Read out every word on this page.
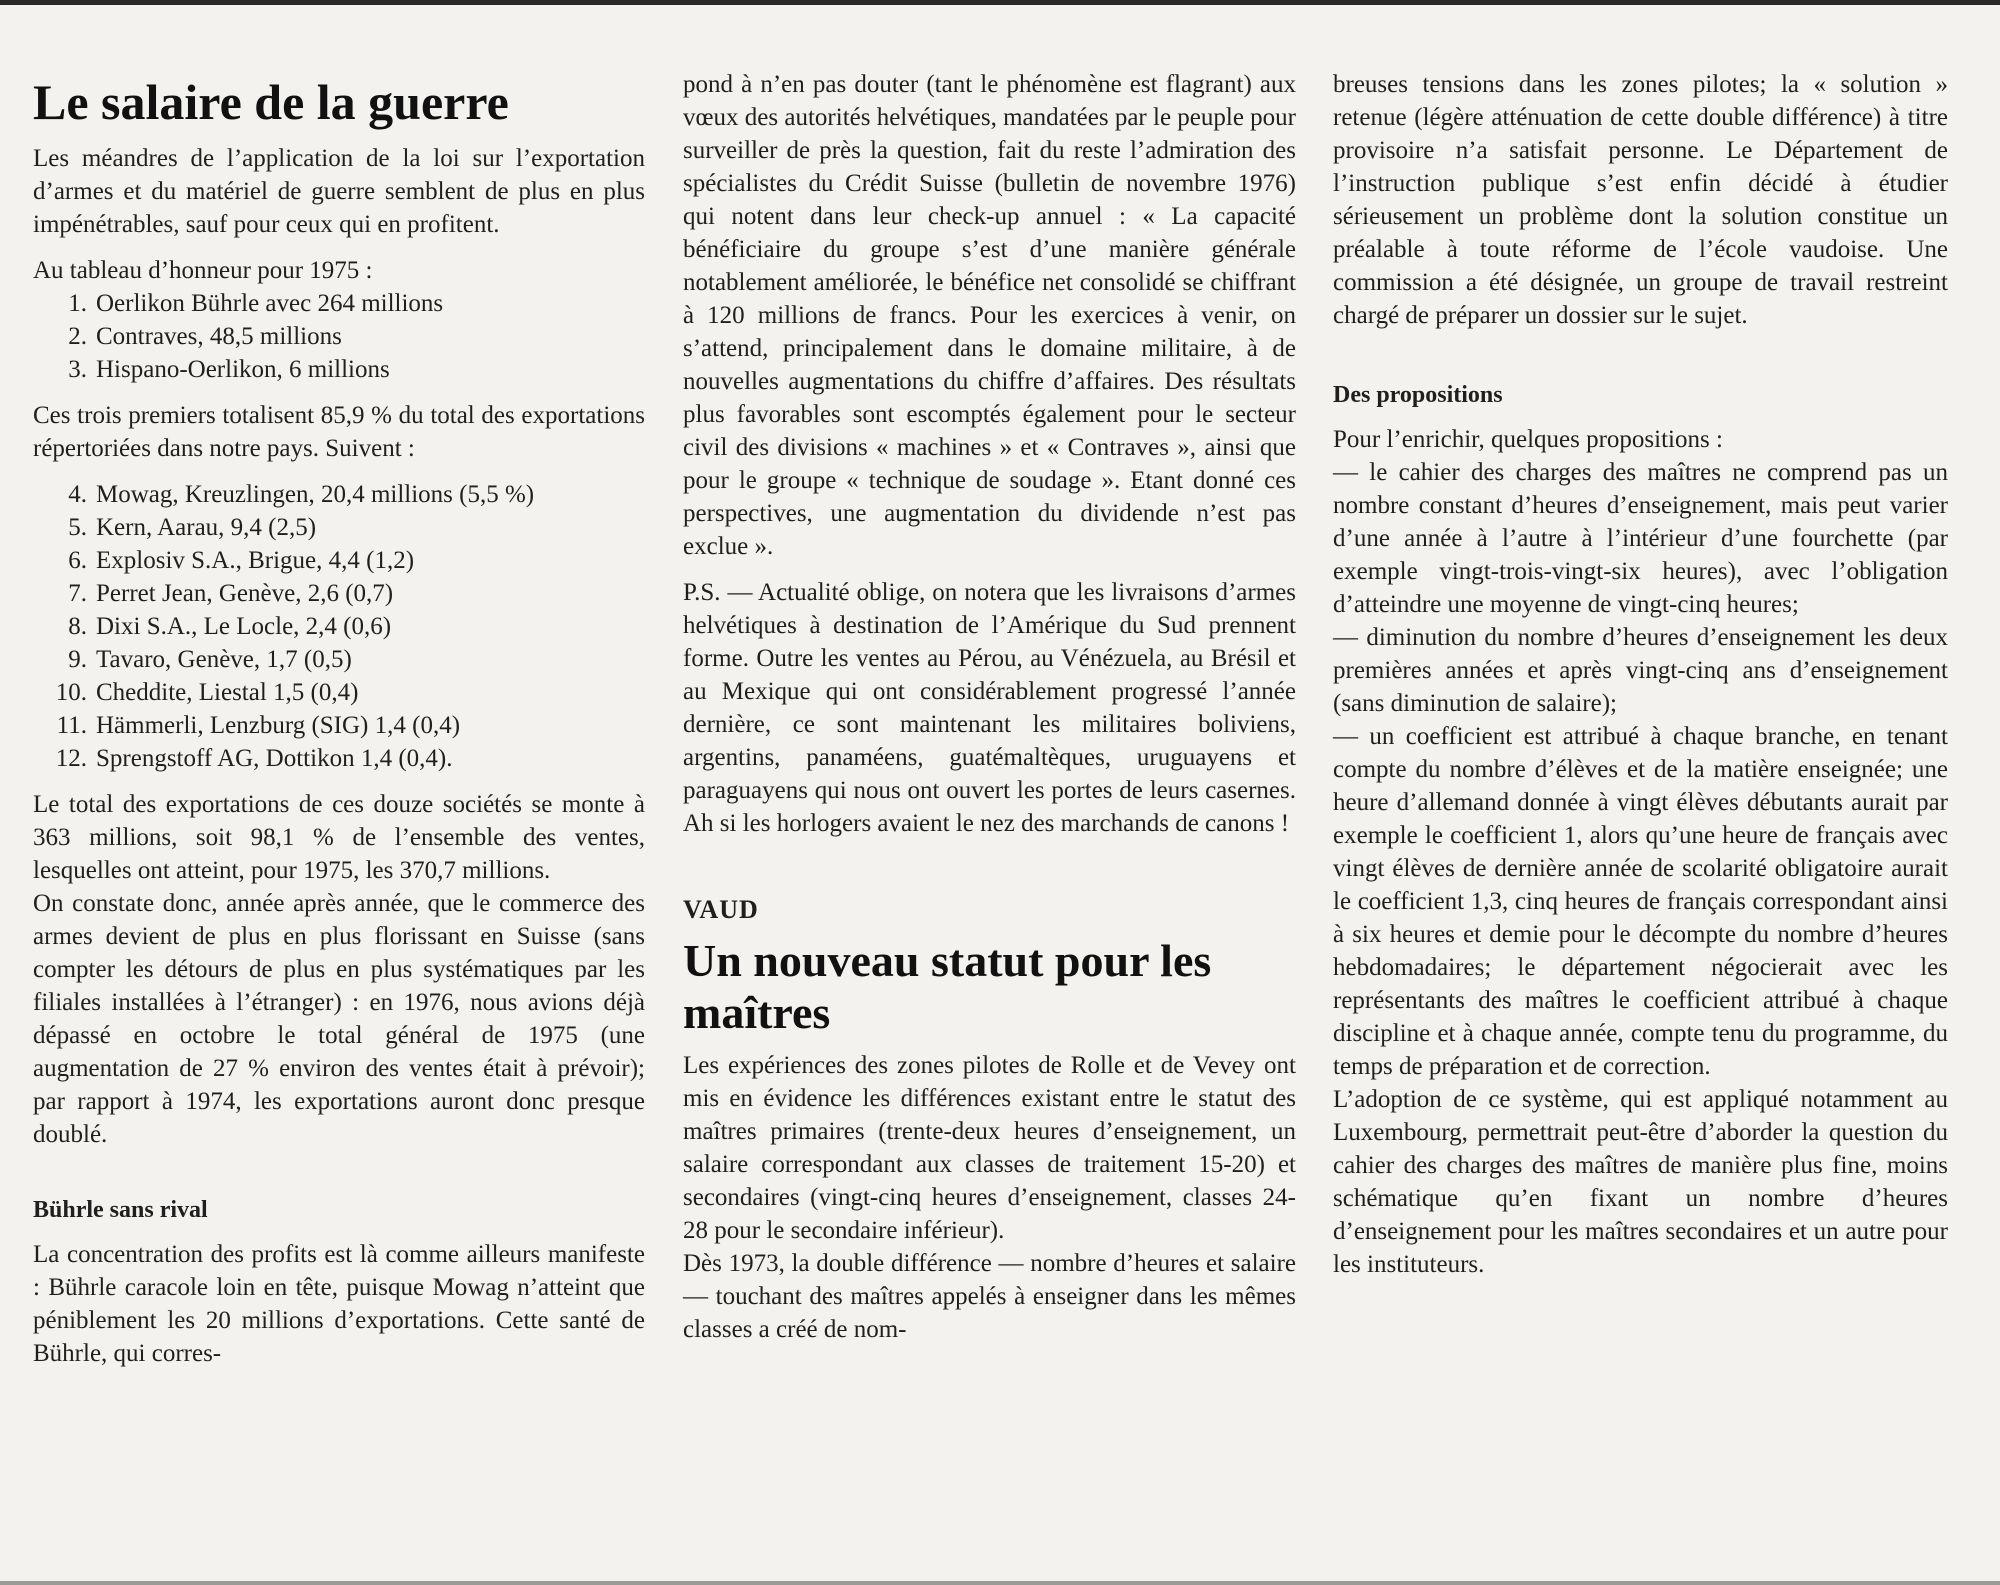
Le salaire de la guerre

Les méandres de l’application de la loi sur l’exportation d’armes et du matériel de guerre semblent de plus en plus impénétrables, sauf pour ceux qui en profitent.

Au tableau d’honneur pour 1975 :

1. Oerlikon Bührle avec 264 millions
2. Contraves, 48,5 millions
3. Hispano-Oerlikon, 6 millions

Ces trois premiers totalisent 85,9 % du total des exportations répertoriées dans notre pays. Suivent :

4. Mowag, Kreuzlingen, 20,4 millions (5,5 %)
5. Kern, Aarau, 9,4 (2,5)
6. Explosiv S.A., Brigue, 4,4 (1,2)
7. Perret Jean, Genève, 2,6 (0,7)
8. Dixi S.A., Le Locle, 2,4 (0,6)
9. Tavaro, Genève, 1,7 (0,5)
10. Cheddite, Liestal 1,5 (0,4)
11. Hämmerli, Lenzburg (SIG) 1,4 (0,4)
12. Sprengstoff AG, Dottikon 1,4 (0,4).

Le total des exportations de ces douze sociétés se monte à 363 millions, soit 98,1 % de l’ensemble des ventes, lesquelles ont atteint, pour 1975, les 370,7 millions.

On constate donc, année après année, que le commerce des armes devient de plus en plus florissant en Suisse (sans compter les détours de plus en plus systématiques par les filiales installées à l’étranger) : en 1976, nous avions déjà dépassé en octobre le total général de 1975 (une augmentation de 27 % environ des ventes était à prévoir); par rapport à 1974, les exportations auront donc presque doublé.

Bührle sans rival

La concentration des profits est là comme ailleurs manifeste : Bührle caracole loin en tête, puisque Mowag n’atteint que péniblement les 20 millions d’exportations. Cette santé de Bührle, qui corres-

pond à n’en pas douter (tant le phénomène est flagrant) aux vœux des autorités helvétiques, mandatées par le peuple pour surveiller de près la question, fait du reste l’admiration des spécialistes du Crédit Suisse (bulletin de novembre 1976) qui notent dans leur check-up annuel : « La capacité bénéficiaire du groupe s’est d’une manière générale notablement améliorée, le bénéfice net consolidé se chiffrant à 120 millions de francs. Pour les exercices à venir, on s’attend, principalement dans le domaine militaire, à de nouvelles augmentations du chiffre d’affaires. Des résultats plus favorables sont escomptés également pour le secteur civil des divisions « machines » et « Contraves », ainsi que pour le groupe « technique de soudage ». Etant donné ces perspectives, une augmentation du dividende n’est pas exclue ».

P.S. — Actualité oblige, on notera que les livraisons d’armes helvétiques à destination de l’Amérique du Sud prennent forme. Outre les ventes au Pérou, au Vénézuela, au Brésil et au Mexique qui ont considérablement progressé l’année dernière, ce sont maintenant les militaires boliviens, argentins, panaméens, guatémaltèques, uruguayens et paraguayens qui nous ont ouvert les portes de leurs casernes. Ah si les horlogers avaient le nez des marchands de canons !

VAUD
Un nouveau statut pour les maîtres

Les expériences des zones pilotes de Rolle et de Vevey ont mis en évidence les différences existant entre le statut des maîtres primaires (trente-deux heures d’enseignement, un salaire correspondant aux classes de traitement 15-20) et secondaires (vingt-cinq heures d’enseignement, classes 24-28 pour le secondaire inférieur).

Dès 1973, la double différence — nombre d’heures et salaire — touchant des maîtres appelés à enseigner dans les mêmes classes a créé de nom-

breuses tensions dans les zones pilotes; la « solution » retenue (légère atténuation de cette double différence) à titre provisoire n’a satisfait personne. Le Département de l’instruction publique s’est enfin décidé à étudier sérieusement un problème dont la solution constitue un préalable à toute réforme de l’école vaudoise. Une commission a été désignée, un groupe de travail restreint chargé de préparer un dossier sur le sujet.

Des propositions

Pour l’enrichir, quelques propositions :

— le cahier des charges des maîtres ne comprend pas un nombre constant d’heures d’enseignement, mais peut varier d’une année à l’autre à l’intérieur d’une fourchette (par exemple vingt-trois-vingt-six heures), avec l’obligation d’atteindre une moyenne de vingt-cinq heures;

— diminution du nombre d’heures d’enseignement les deux premières années et après vingt-cinq ans d’enseignement (sans diminution de salaire);

— un coefficient est attribué à chaque branche, en tenant compte du nombre d’élèves et de la matière enseignée; une heure d’allemand donnée à vingt élèves débutants aurait par exemple le coefficient 1, alors qu’une heure de français avec vingt élèves de dernière année de scolarité obligatoire aurait le coefficient 1,3, cinq heures de français correspondant ainsi à six heures et demie pour le décompte du nombre d’heures hebdomadaires; le département négocierait avec les représentants des maîtres le coefficient attribué à chaque discipline et à chaque année, compte tenu du programme, du temps de préparation et de correction.

L’adoption de ce système, qui est appliqué notamment au Luxembourg, permettrait peut-être d’aborder la question du cahier des charges des maîtres de manière plus fine, moins schématique qu’en fixant un nombre d’heures d’enseignement pour les maîtres secondaires et un autre pour les instituteurs.
